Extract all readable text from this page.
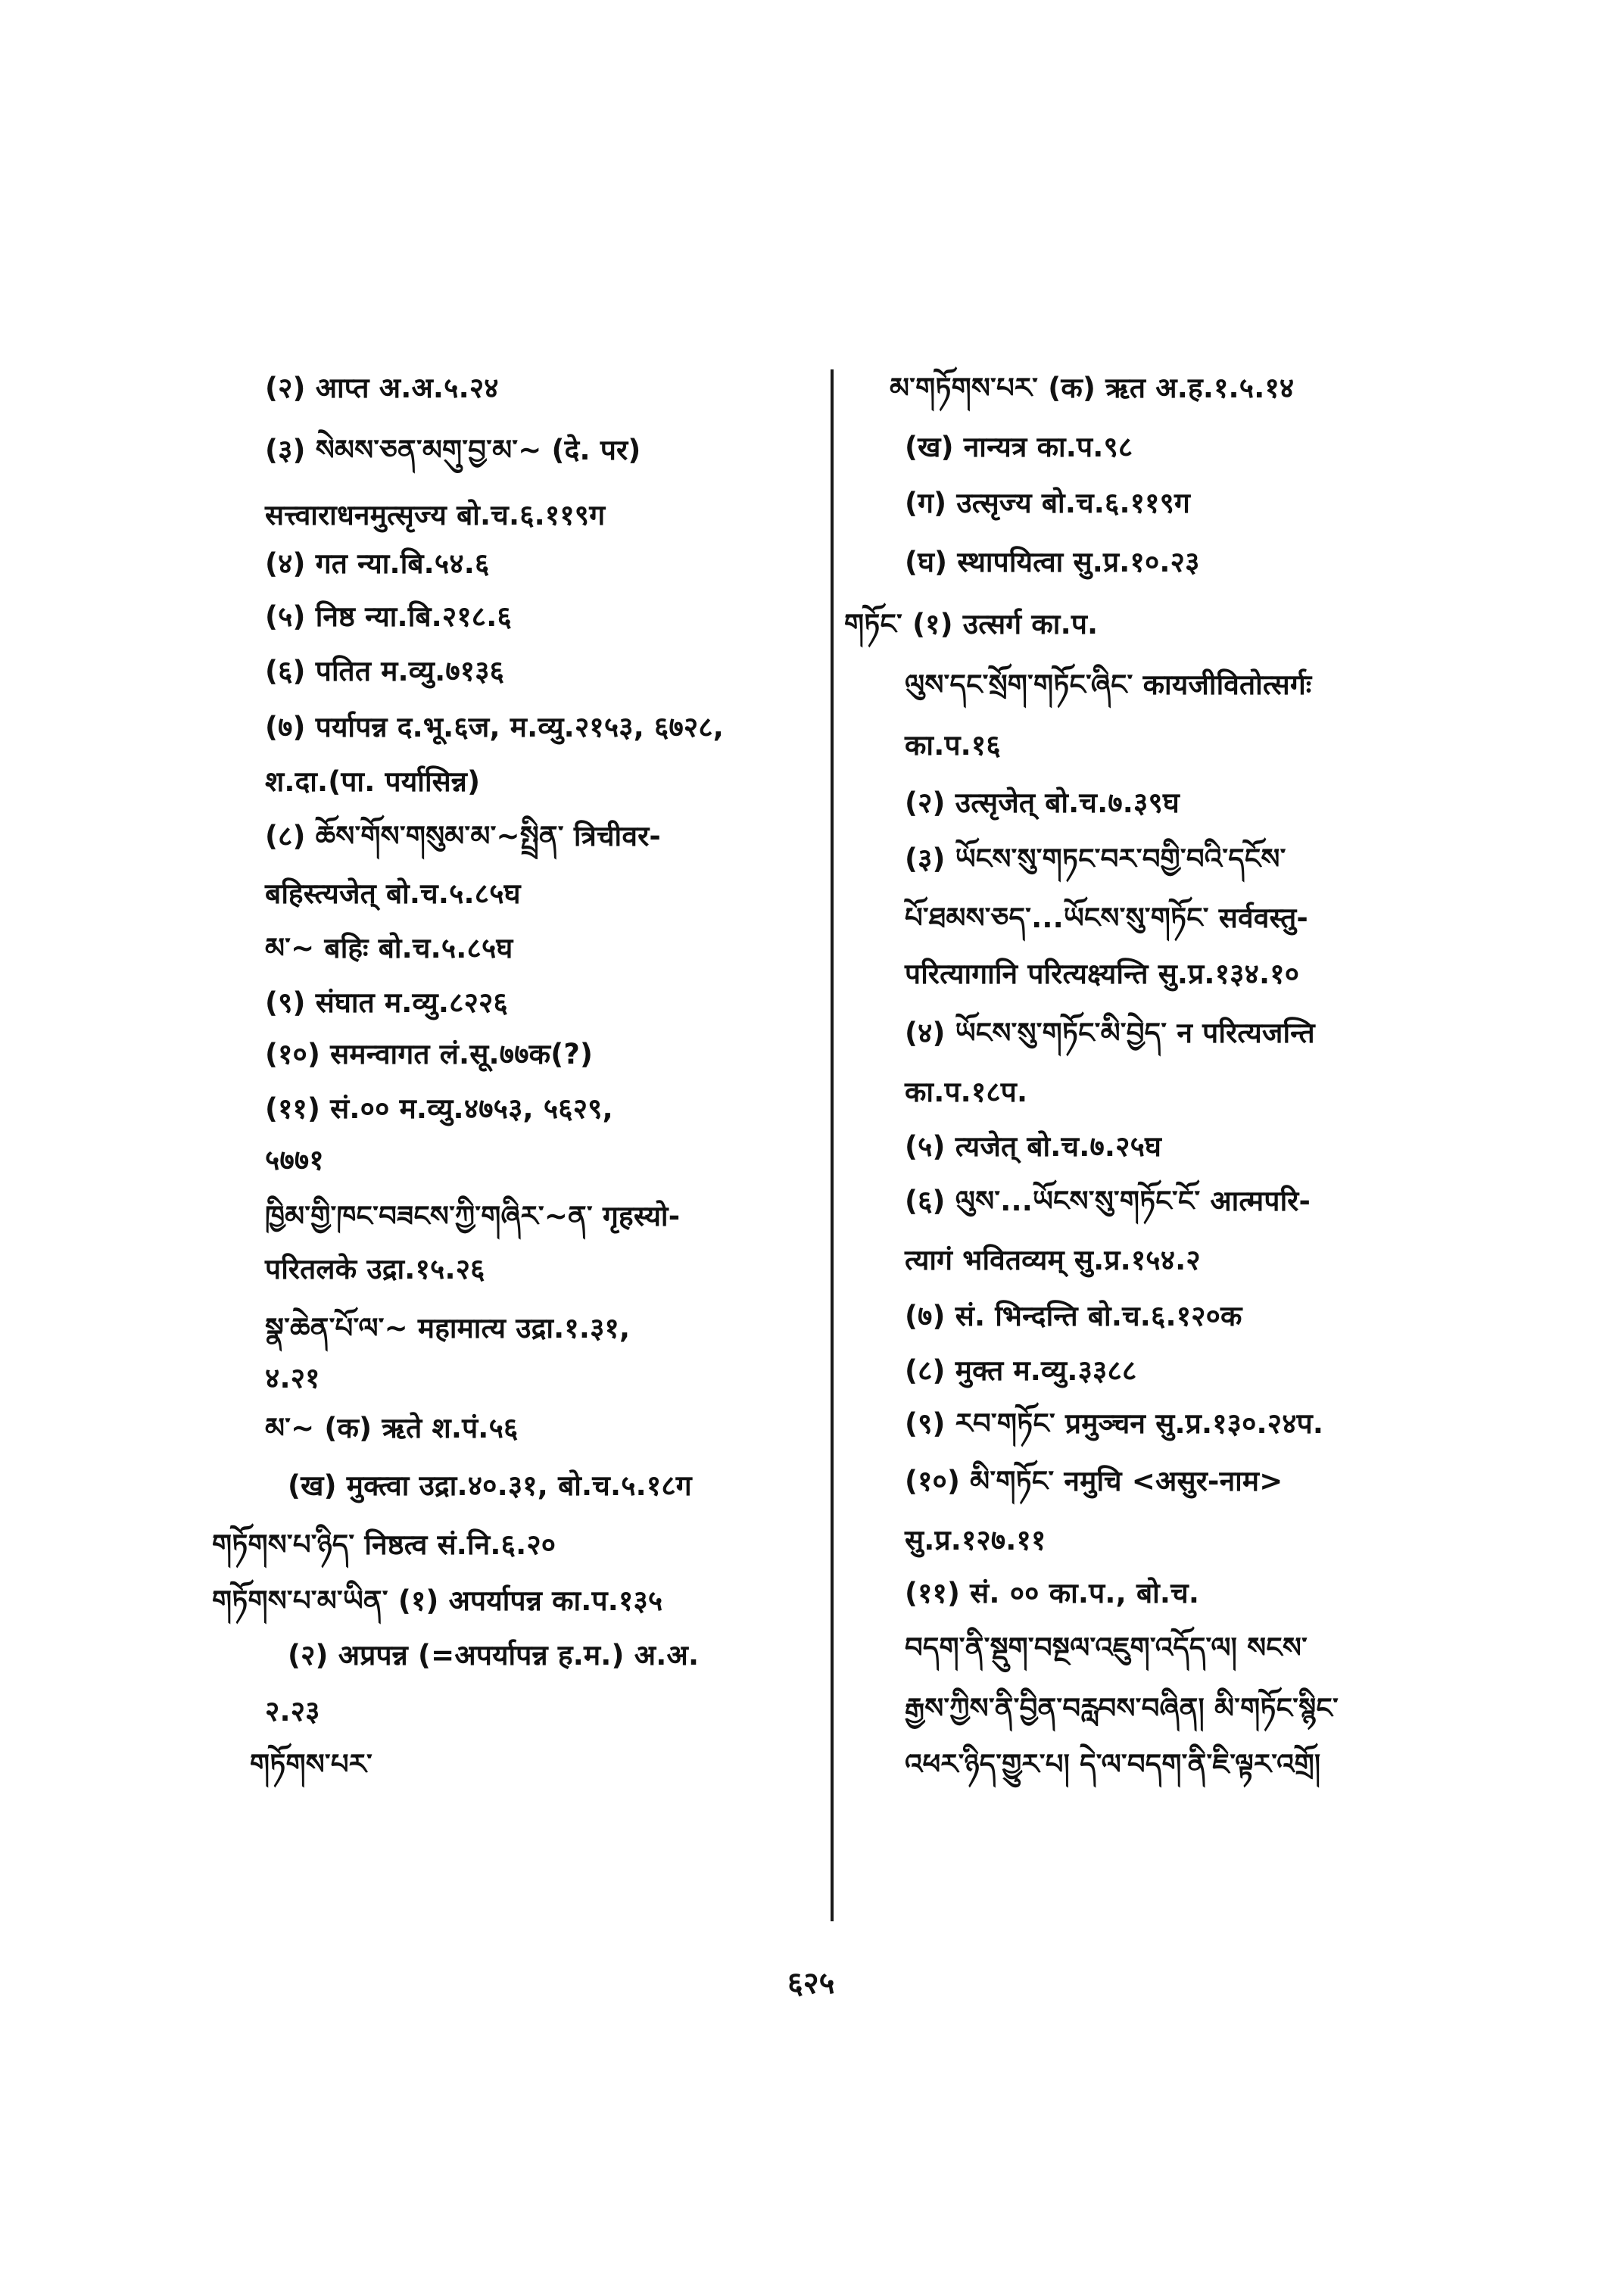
(२) आप्त अ.अ.५.२४
(३) སེམས་ཅན་མགུ་བྱ་མ་~ (दे. पर)
सत्त्वाराधनमुत्सृज्य बो.च.६.११९ग
(४) गत न्या.बि.५४.६
(५) निष्ठ न्या.बि.२१८.६
(६) पतित म.व्यु.७१३६
(७) पर्यापन्न द.भू.६ज, म.व्यु.२१५३, ६७२८,
श.दा.(पा. पर्यासिन्न)
(८) ཆོས་གོས་གསུམ་མ་~སྤྲིན་ त्रिचीवर-
बहिस्त्यजेत् बो.च.५.८५घ
མ་~ बहिः बो.च.५.८५घ
(९) संघात म.व्यु.८२२६
(१०) समन्वागत लं.सू.७७क(?)
(११) सं.०० म.व्यु.४७५३, ५६२९,
५७७१
ཁྱིམ་གྱི་ཁང་བཟངས་ཀྱི་གཞིར་~ན་ गृहस्यो-
परितलके उद्रा.१५.२६
སྣ་ཆེན་པོ་ལ་~ महामात्य उद्रा.१.३१,
४.२१
མ་~ (क) ऋते श.पं.५६
(ख) मुक्त्वा उद्रा.४०.३१, बो.च.५.१८ग
གཏོགས་པ་ཉིད་ निष्ठत्व सं.नि.६.२०
གཏོགས་པ་མ་ཡིན་ (१) अपर्यापन्न का.प.१३५
(२) अप्रपन्न (=अपर्यापन्न ह.म.) अ.अ.
२.२३
གཏོགས་པར་
མ་གཏོགས་པར་ (क) ऋत अ.ह.१.५.१४
(ख) नान्यत्र का.प.९८
(ग) उत्सृज्य बो.च.६.११९ग
(घ) स्थापयित्वा सु.प्र.१०.२३
གཏོང་ (१) उत्सर्ग का.प.
ལུས་དང་སྲོག་གཏོང་ཞིང་ कायजीवितोत्सर्गः
का.प.१६
(२) उत्सृजेत् बो.च.७.३९घ
(३) ཡོངས་སུ་གཏང་བར་བགྱི་བའི་དངོས་
པོ་ཐམས་ཅད་...ཡོངས་སུ་གཏོང་ सर्ववस्तु-
परित्यागानि परित्यक्ष्यन्ति सु.प्र.१३४.१०
(४) ཡོངས་སུ་གཏོང་མི་བྱེད་ न परित्यजन्ति
का.प.१८प.
(५) त्यजेत् बो.च.७.२५घ
(६) ལུས་...ཡོངས་སུ་གཏོང་ངོ་ आत्मपरि-
त्यागं भवितव्यम् सु.प्र.१५४.२
(७) सं. भिन्दन्ति बो.च.६.१२०क
(८) मुक्त म.व्यु.३३८८
(९) རབ་གཏོང་ प्रमुञ्चन सु.प्र.१३०.२४प.
(१०) མི་གཏོང་ नमुचि <असुर-नाम>
सु.प्र.१२७.११
(११) सं. ०० का.प., बो.च.
བདག་ནི་སྡུག་བསྔལ་འཇུག་འདོད་ལ། སངས་
རྒྱས་ཀྱིས་ནི་བྱིན་བརླབས་བཞིན། མི་གཏོང་སྙིང་
འཕར་ཉིད་གྱུར་པ། དེ་ལ་བདག་ནི་ཇི་ལྟར་འགྲོ།
६२५
